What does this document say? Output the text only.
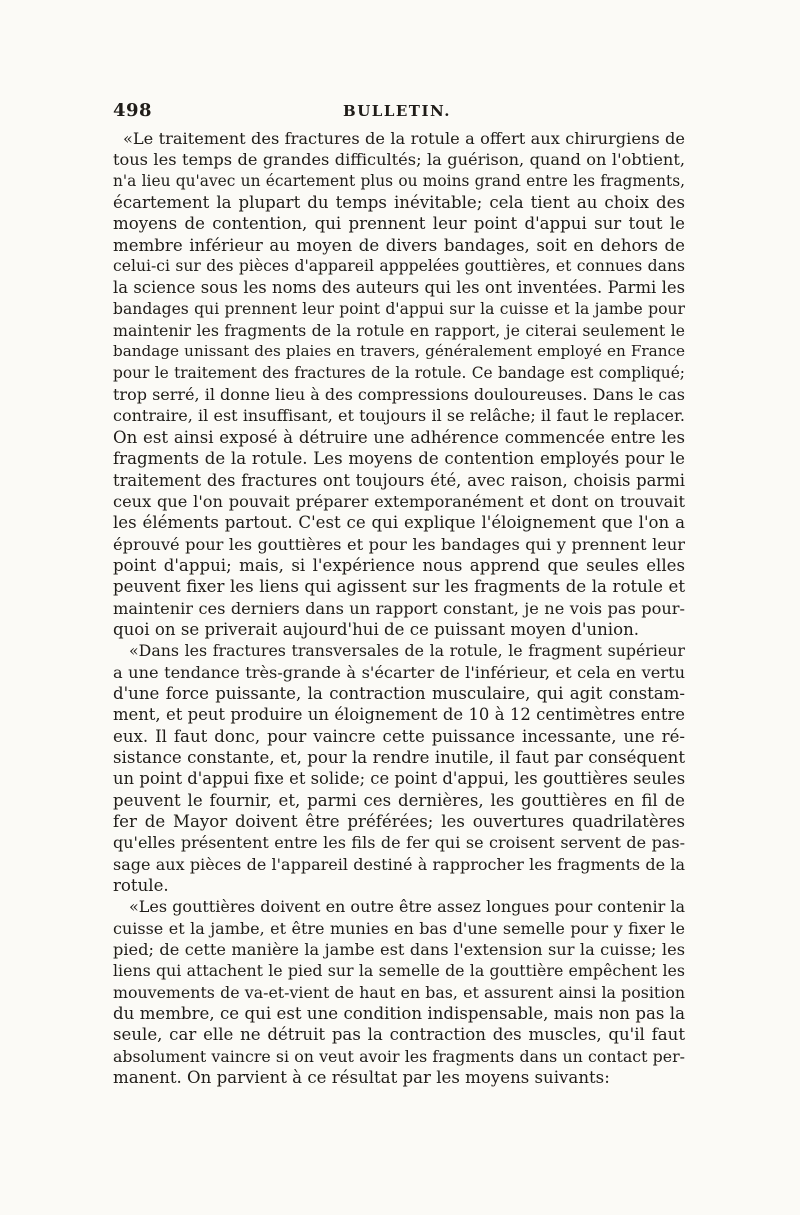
498	BULLETIN.
«Le traitement des fractures de la rotule a offert aux chirurgiens de
tous les temps de grandes difficultés; la guérison, quand on l'obtient,
n'a lieu qu'avec un écartement plus ou moins grand entre les fragments,
écartement la plupart du temps inévitable; cela tient au choix des
moyens de contention, qui prennent leur point d'appui sur tout le
membre inférieur au moyen de divers bandages, soit en dehors de
celui-ci sur des pièces d'appareil apppelées gouttières, et connues dans
la science sous les noms des auteurs qui les ont inventées. Parmi les
bandages qui prennent leur point d'appui sur la cuisse et la jambe pour
maintenir les fragments de la rotule en rapport, je citerai seulement le
bandage unissant des plaies en travers, généralement employé en France
pour le traitement des fractures de la rotule. Ce bandage est compliqué;
trop serré, il donne lieu à des compressions douloureuses. Dans le cas
contraire, il est insuffisant, et toujours il se relâche; il faut le replacer.
On est ainsi exposé à détruire une adhérence commencée entre les
fragments de la rotule. Les moyens de contention employés pour le
traitement des fractures ont toujours été, avec raison, choisis parmi
ceux que l'on pouvait préparer extemporanément et dont on trouvait
les éléments partout. C'est ce qui explique l'éloignement que l'on a
éprouvé pour les gouttières et pour les bandages qui y prennent leur
point d'appui; mais, si l'expérience nous apprend que seules elles
peuvent fixer les liens qui agissent sur les fragments de la rotule et
maintenir ces derniers dans un rapport constant, je ne vois pas pour-
quoi on se priverait aujourd'hui de ce puissant moyen d'union.
«Dans les fractures transversales de la rotule, le fragment supérieur
a une tendance très-grande à s'écarter de l'inférieur, et cela en vertu
d'une force puissante, la contraction musculaire, qui agit constam-
ment, et peut produire un éloignement de 10 à 12 centimètres entre
eux. Il faut donc, pour vaincre cette puissance incessante, une ré-
sistance constante, et, pour la rendre inutile, il faut par conséquent
un point d'appui fixe et solide; ce point d'appui, les gouttières seules
peuvent le fournir, et, parmi ces dernières, les gouttières en fil de
fer de Mayor doivent être préférées; les ouvertures quadrilatères
qu'elles présentent entre les fils de fer qui se croisent servent de pas-
sage aux pièces de l'appareil destiné à rapprocher les fragments de la
rotule.
«Les gouttières doivent en outre être assez longues pour contenir la
cuisse et la jambe, et être munies en bas d'une semelle pour y fixer le
pied; de cette manière la jambe est dans l'extension sur la cuisse; les
liens qui attachent le pied sur la semelle de la gouttière empêchent les
mouvements de va-et-vient de haut en bas, et assurent ainsi la position
du membre, ce qui est une condition indispensable, mais non pas la
seule, car elle ne détruit pas la contraction des muscles, qu'il faut
absolument vaincre si on veut avoir les fragments dans un contact per-
manent. On parvient à ce résultat par les moyens suivants:
